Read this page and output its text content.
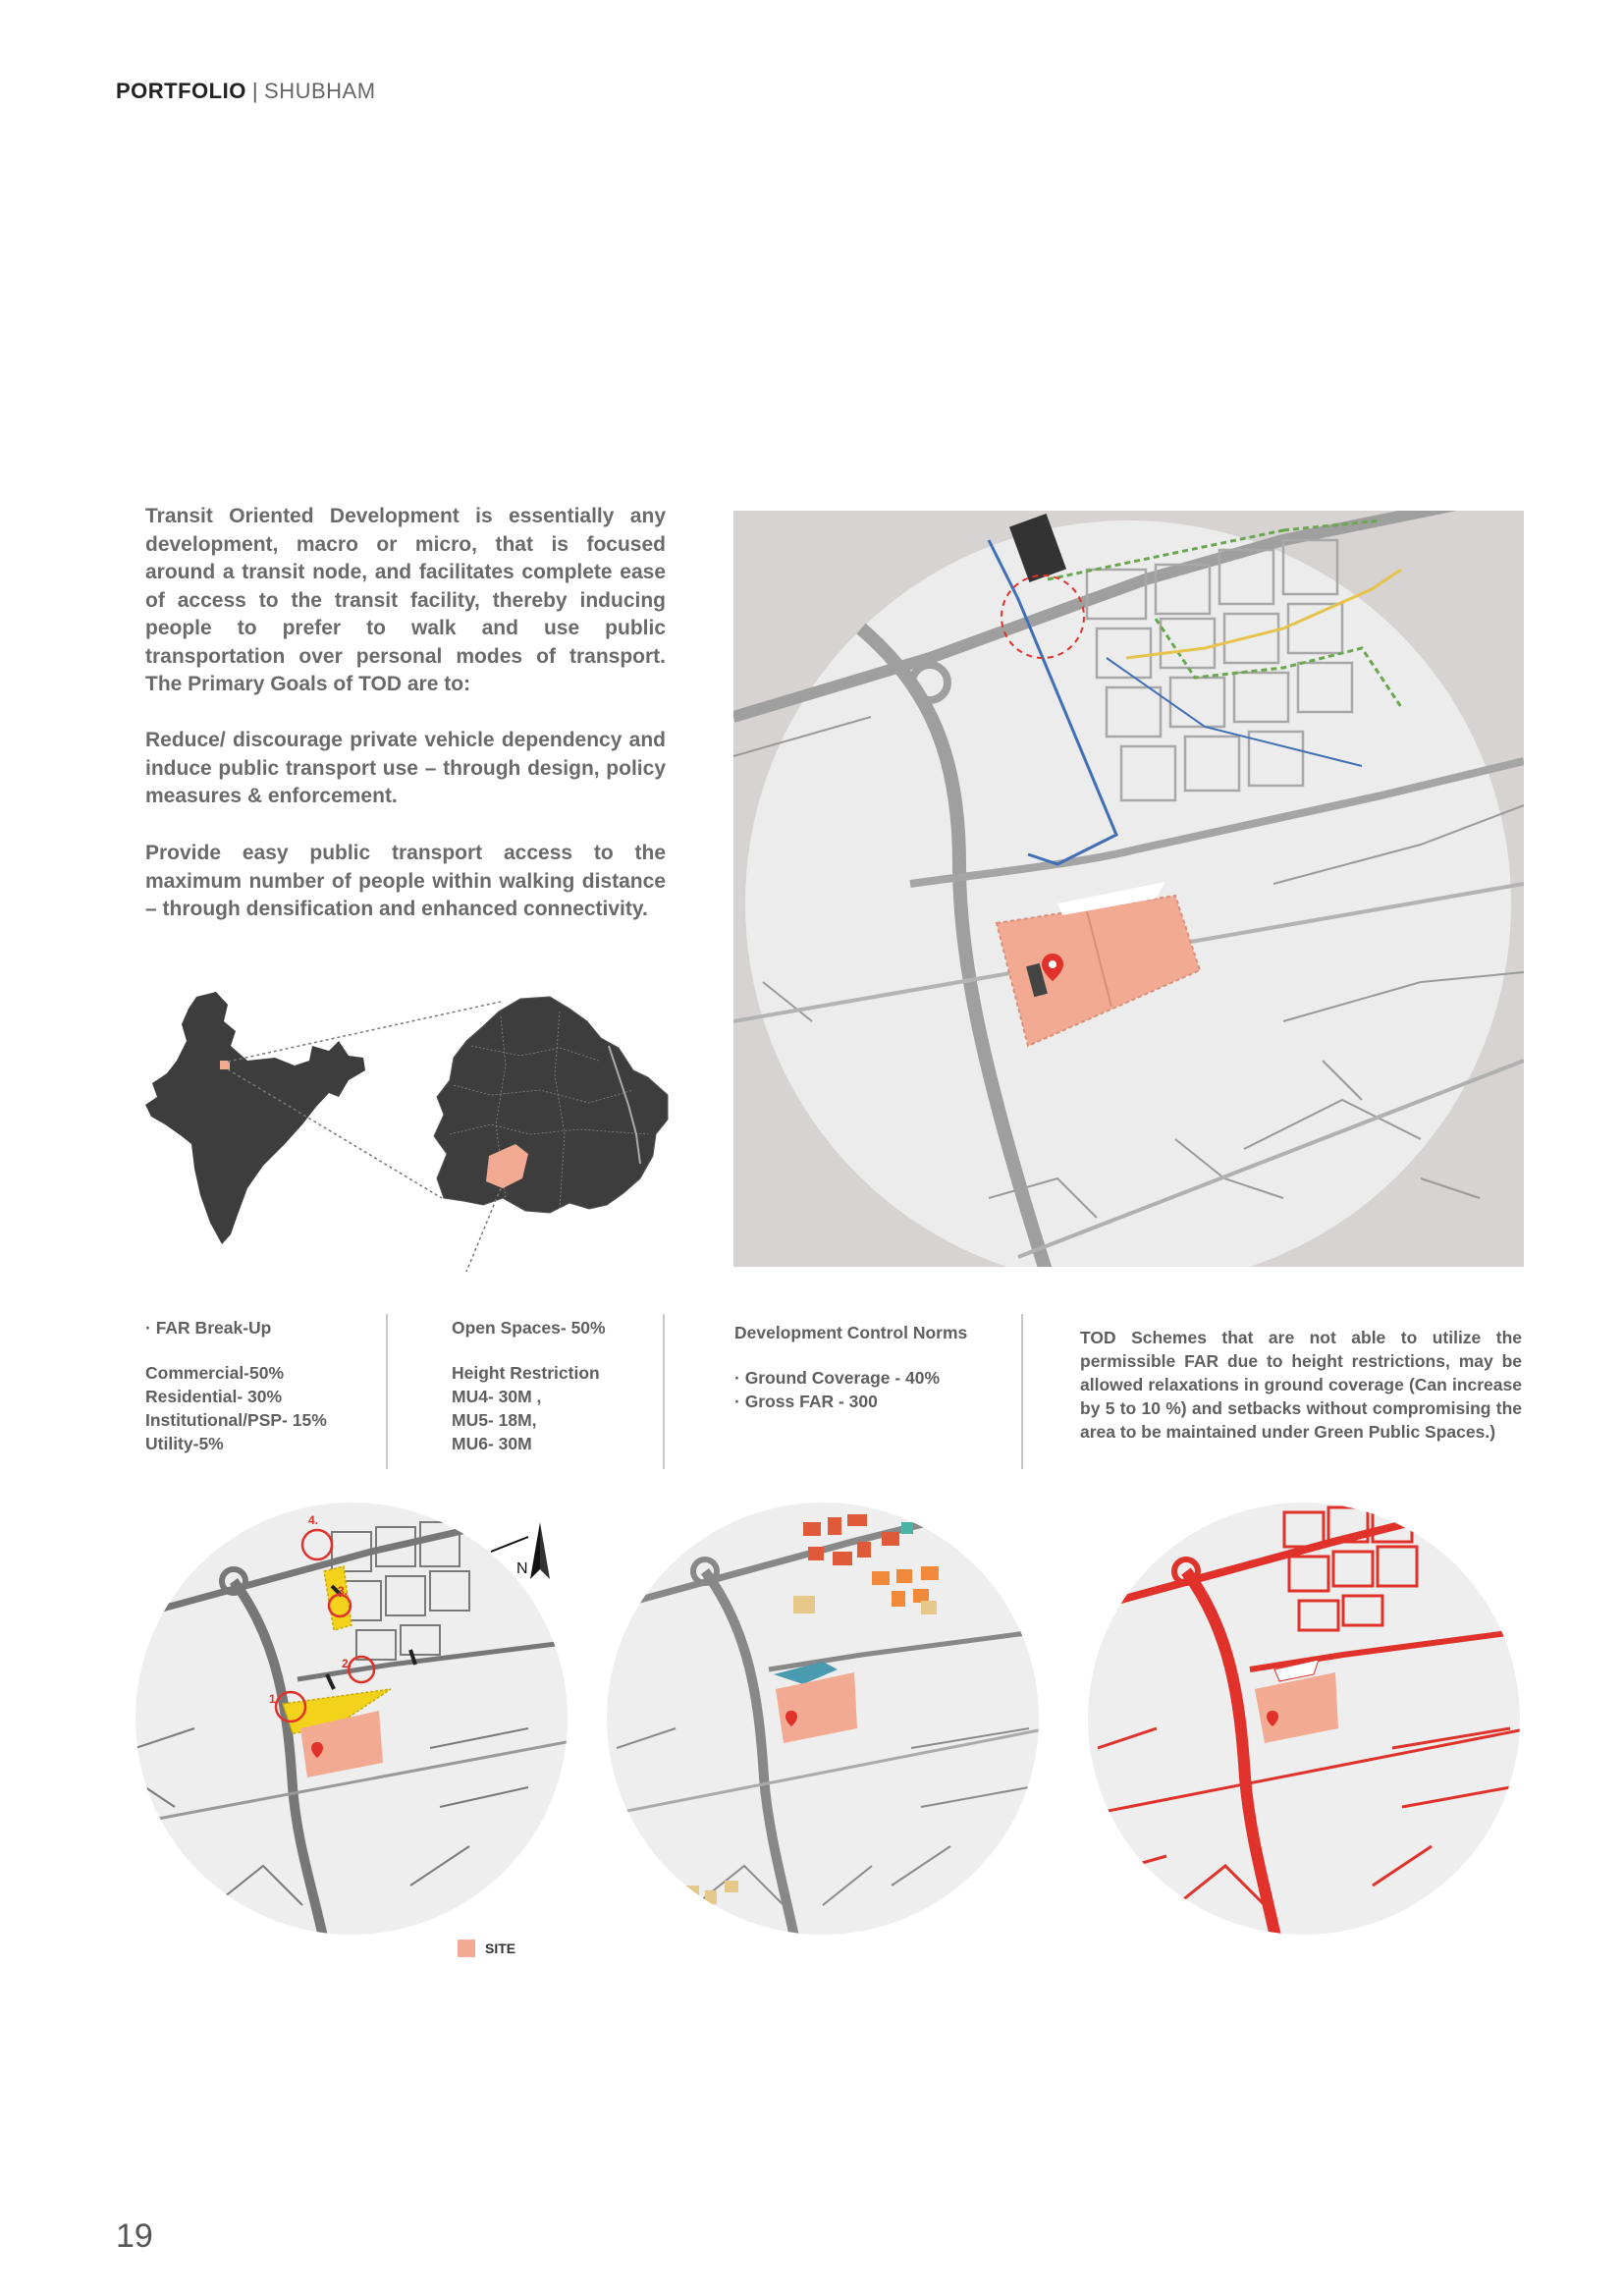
PORTFOLIO | SHUBHAM

Transit Oriented Development is essentially any development, macro or micro, that is focused around a transit node, and facilitates complete ease of access to the transit facility, thereby inducing people to prefer to walk and use public transportation over personal modes of transport. The Primary Goals of TOD are to:

Reduce/ discourage private vehicle dependency and induce public transport use – through design, policy measures & enforcement.

Provide easy public transport access to the maximum number of people within walking distance – through densification and enhanced connectivity.

· FAR Break-Up
Commercial-50%
Residential- 30%
Institutional/PSP- 15%
Utility-5%
Open Spaces- 50%
Height Restriction
MU4- 30M ,
MU5- 18M,
MU6- 30M
Development Control Norms
· Ground Coverage - 40%
· Gross FAR - 300
TOD Schemes that are not able to utilize the permissible FAR due to height restrictions, may be allowed relaxations in ground coverage (Can increase by 5 to 10 %) and setbacks without compromising the area to be maintained under Green Public Spaces.)
4.
3.
2.
1.
N
SITE
19
